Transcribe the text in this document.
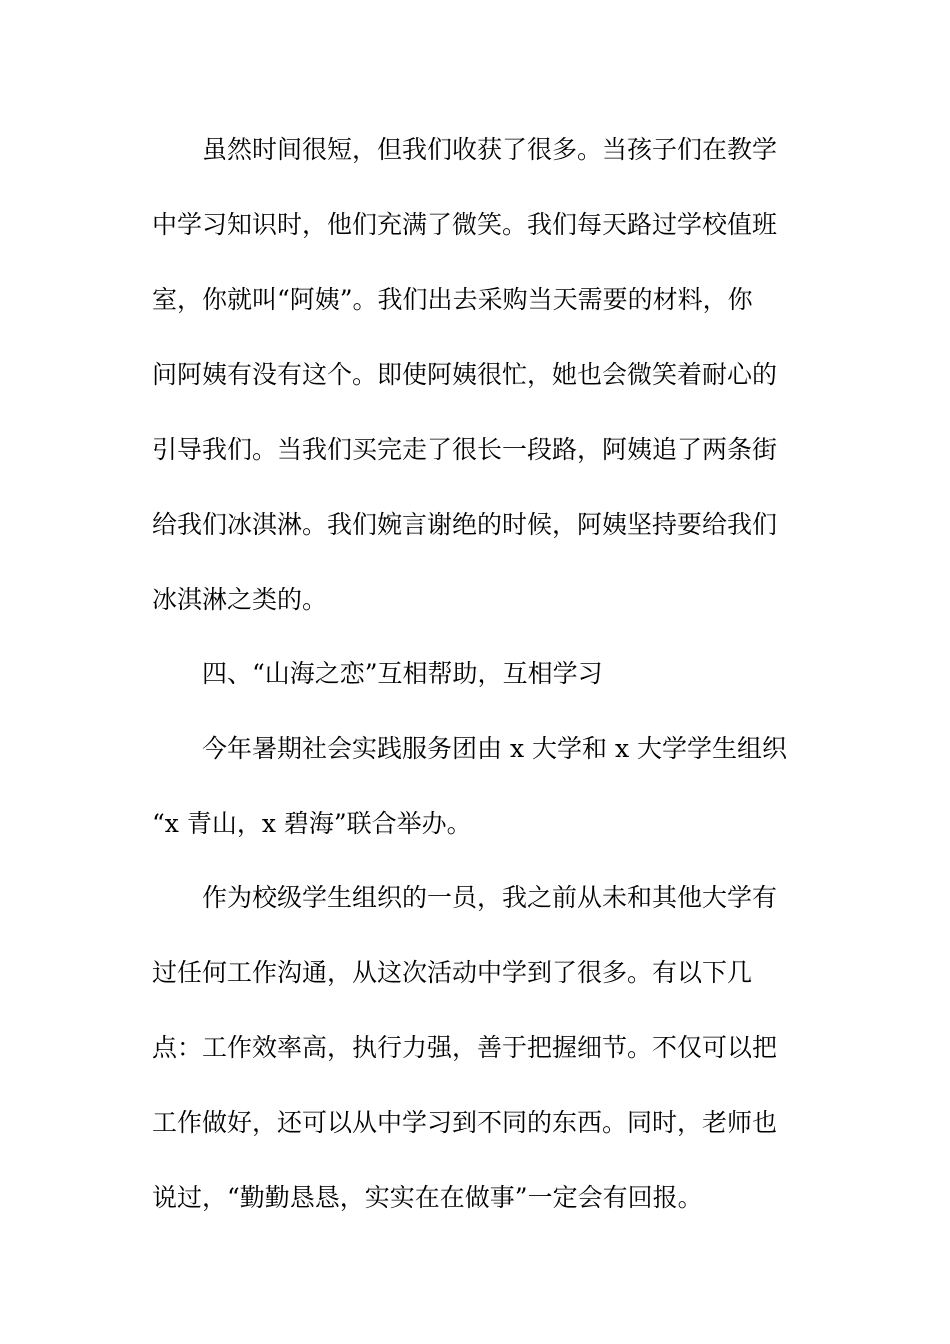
虽然时间很短，但我们收获了很多。当孩子们在教学
中学习知识时，他们充满了微笑。我们每天路过学校值班
室，你就叫“阿姨”。我们出去采购当天需要的材料，你
问阿姨有没有这个。即使阿姨很忙，她也会微笑着耐心的
引导我们。当我们买完走了很长一段路，阿姨追了两条街
给我们冰淇淋。我们婉言谢绝的时候，阿姨坚持要给我们
冰淇淋之类的。
四、“山海之恋”互相帮助，互相学习
今年暑期社会实践服务团由 x 大学和 x 大学学生组织
“x 青山，x 碧海”联合举办。
作为校级学生组织的一员，我之前从未和其他大学有
过任何工作沟通，从这次活动中学到了很多。有以下几
点：工作效率高，执行力强，善于把握细节。不仅可以把
工作做好，还可以从中学习到不同的东西。同时，老师也
说过，“勤勤恳恳，实实在在做事”一定会有回报。
